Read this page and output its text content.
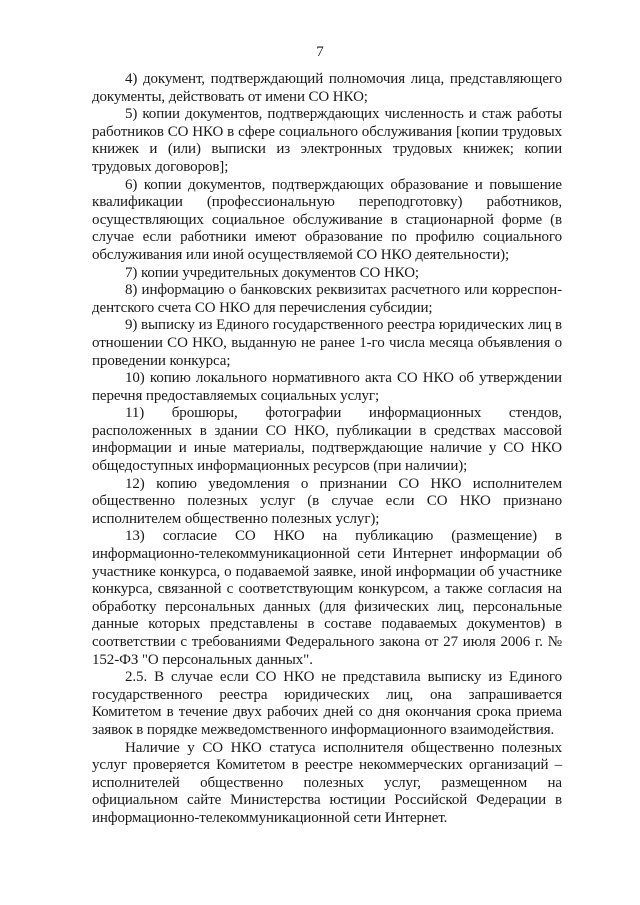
7

4) документ, подтверждающий полномочия лица, представляющего документы, действовать от имени СО НКО;

5) копии документов, подтверждающих численность и стаж работы работников СО НКО в сфере социального обслуживания [копии трудовых книжек и (или) выписки из электронных трудовых книжек; копии трудовых договоров];

6) копии документов, подтверждающих образование и повышение квалификации (профессиональную переподготовку) работников, осуществляющих социальное обслуживание в стационарной форме (в случае если работники имеют образование по профилю социального обслуживания или иной осуществляемой СО НКО деятельности);

7) копии учредительных документов СО НКО;

8) информацию о банковских реквизитах расчетного или корреспон-дентского счета СО НКО для перечисления субсидии;

9) выписку из Единого государственного реестра юридических лиц в отношении СО НКО, выданную не ранее 1-го числа месяца объявления о проведении конкурса;

10) копию локального нормативного акта СО НКО об утверждении перечня предоставляемых социальных услуг;

11) брошюры, фотографии информационных стендов, расположенных в здании СО НКО, публикации в средствах массовой информации и иные материалы, подтверждающие наличие у СО НКО общедоступных информационных ресурсов (при наличии);

12) копию уведомления о признании СО НКО исполнителем общественно полезных услуг (в случае если СО НКО признано исполнителем общественно полезных услуг);

13) согласие СО НКО на публикацию (размещение) в информационно-телекоммуникационной сети Интернет информации об участнике конкурса, о подаваемой заявке, иной информации об участнике конкурса, связанной с соответствующим конкурсом, а также согласия на обработку персональных данных (для физических лиц, персональные данные которых представлены в составе подаваемых документов) в соответствии с требованиями Федерального закона от 27 июля 2006 г. № 152-ФЗ "О персональных данных".

2.5. В случае если СО НКО не представила выписку из Единого государственного реестра юридических лиц, она запрашивается Комитетом в течение двух рабочих дней со дня окончания срока приема заявок в порядке межведомственного информационного взаимодействия.

Наличие у СО НКО статуса исполнителя общественно полезных услуг проверяется Комитетом в реестре некоммерческих организаций – исполнителей общественно полезных услуг, размещенном на официальном сайте Министерства юстиции Российской Федерации в информационно-телекоммуникационной сети Интернет.
